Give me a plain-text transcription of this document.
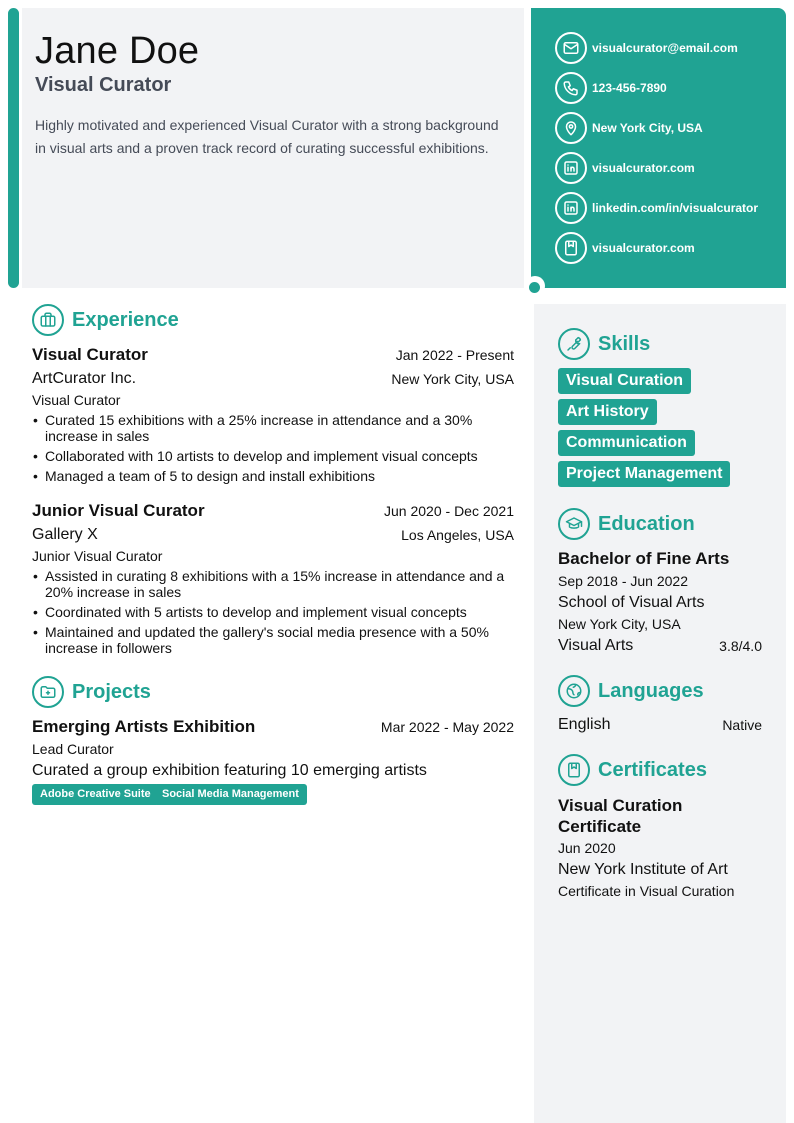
Jane Doe
Visual Curator
Highly motivated and experienced Visual Curator with a strong background in visual arts and a proven track record of curating successful exhibitions.
visualcurator@email.com
123-456-7890
New York City, USA
visualcurator.com
linkedin.com/in/visualcurator
visualcurator.com
Experience
Visual Curator	Jan 2022 - Present
ArtCurator Inc.	New York City, USA
Visual Curator
• Curated 15 exhibitions with a 25% increase in attendance and a 30% increase in sales
• Collaborated with 10 artists to develop and implement visual concepts
• Managed a team of 5 to design and install exhibitions
Junior Visual Curator	Jun 2020 - Dec 2021
Gallery X	Los Angeles, USA
Junior Visual Curator
• Assisted in curating 8 exhibitions with a 15% increase in attendance and a 20% increase in sales
• Coordinated with 5 artists to develop and implement visual concepts
• Maintained and updated the gallery's social media presence with a 50% increase in followers
Projects
Emerging Artists Exhibition	Mar 2022 - May 2022
Lead Curator
Curated a group exhibition featuring 10 emerging artists
Adobe Creative Suite	Social Media Management
Skills
Visual Curation
Art History
Communication
Project Management
Education
Bachelor of Fine Arts
Sep 2018 - Jun 2022
School of Visual Arts
New York City, USA
Visual Arts	3.8/4.0
Languages
English	Native
Certificates
Visual Curation Certificate
Jun 2020
New York Institute of Art
Certificate in Visual Curation
